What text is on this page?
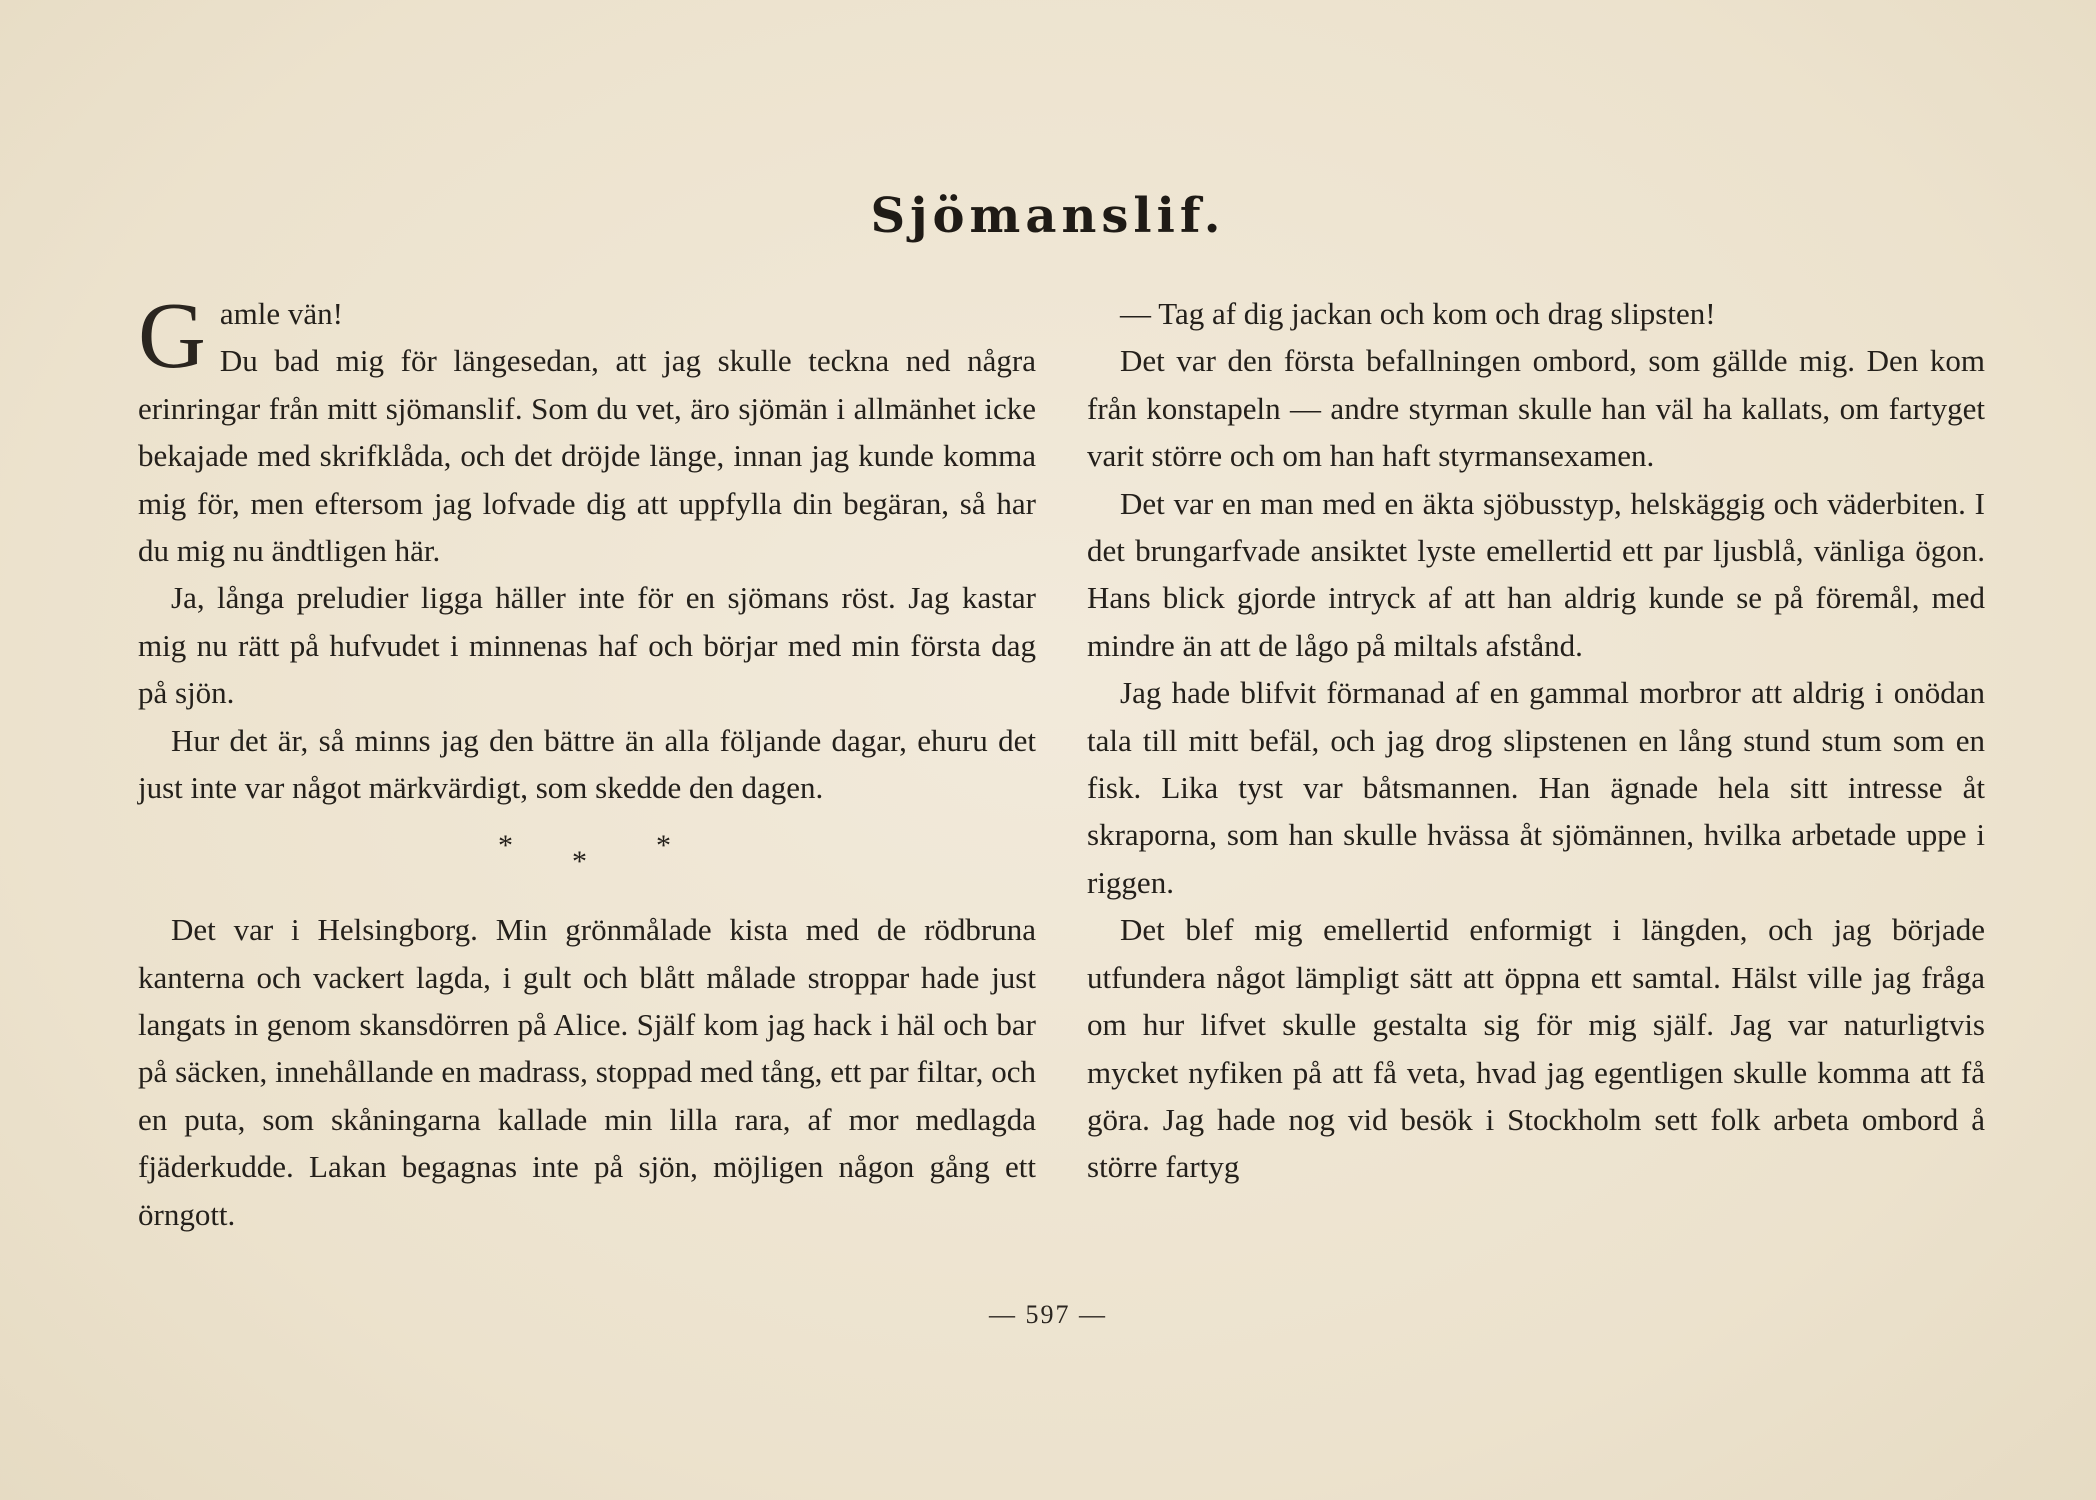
Sjömanslif.
G amle vän!

Du bad mig för längesedan, att jag skulle teckna ned några erinringar från mitt sjömanslif. Som du vet, äro sjömän i allmänhet icke bekajade med skrifklåda, och det dröjde länge, innan jag kunde komma mig för, men eftersom jag lofvade dig att uppfylla din begäran, så har du mig nu ändtligen här.

Ja, långa preludier ligga häller inte för en sjömans röst. Jag kastar mig nu rätt på hufvudet i minnenas haf och börjar med min första dag på sjön.

Hur det är, så minns jag den bättre än alla följande dagar, ehuru det just inte var något märkvärdigt, som skedde den dagen.

* * *

Det var i Helsingborg. Min grönmålade kista med de rödbruna kanterna och vackert lagda, i gult och blått målade stroppar hade just langats in genom skansdörren på Alice. Själf kom jag hack i häl och bar på säcken, innehållande en madrass, stoppad med tång, ett par filtar, och en puta, som skåningarna kallade min lilla rara, af mor medlagda fjäderkudde. Lakan begagnas inte på sjön, möjligen någon gång ett örngott.

— Tag af dig jackan och kom och drag slipsten!

Det var den första befallningen ombord, som gällde mig. Den kom från konstapeln — andre styrman skulle han väl ha kallats, om fartyget varit större och om han haft styrmansexamen.

Det var en man med en äkta sjöbusstyp, helskäggig och väderbiten. I det brungarfvade ansiktet lyste emellertid ett par ljusblå, vänliga ögon. Hans blick gjorde intryck af att han aldrig kunde se på föremål, med mindre än att de lågo på miltals afstånd.

Jag hade blifvit förmanad af en gammal morbror att aldrig i onödan tala till mitt befäl, och jag drog slipstenen en lång stund stum som en fisk. Lika tyst var båtsmannen. Han ägnade hela sitt intresse åt skraporna, som han skulle hvässa åt sjömännen, hvilka arbetade uppe i riggen.

Det blef mig emellertid enformigt i längden, och jag började utfundera något lämpligt sätt att öppna ett samtal. Hälst ville jag fråga om hur lifvet skulle gestalta sig för mig själf. Jag var naturligtvis mycket nyfiken på att få veta, hvad jag egentligen skulle komma att få göra. Jag hade nog vid besök i Stockholm sett folk arbeta ombord å större fartyg

— 597 —
